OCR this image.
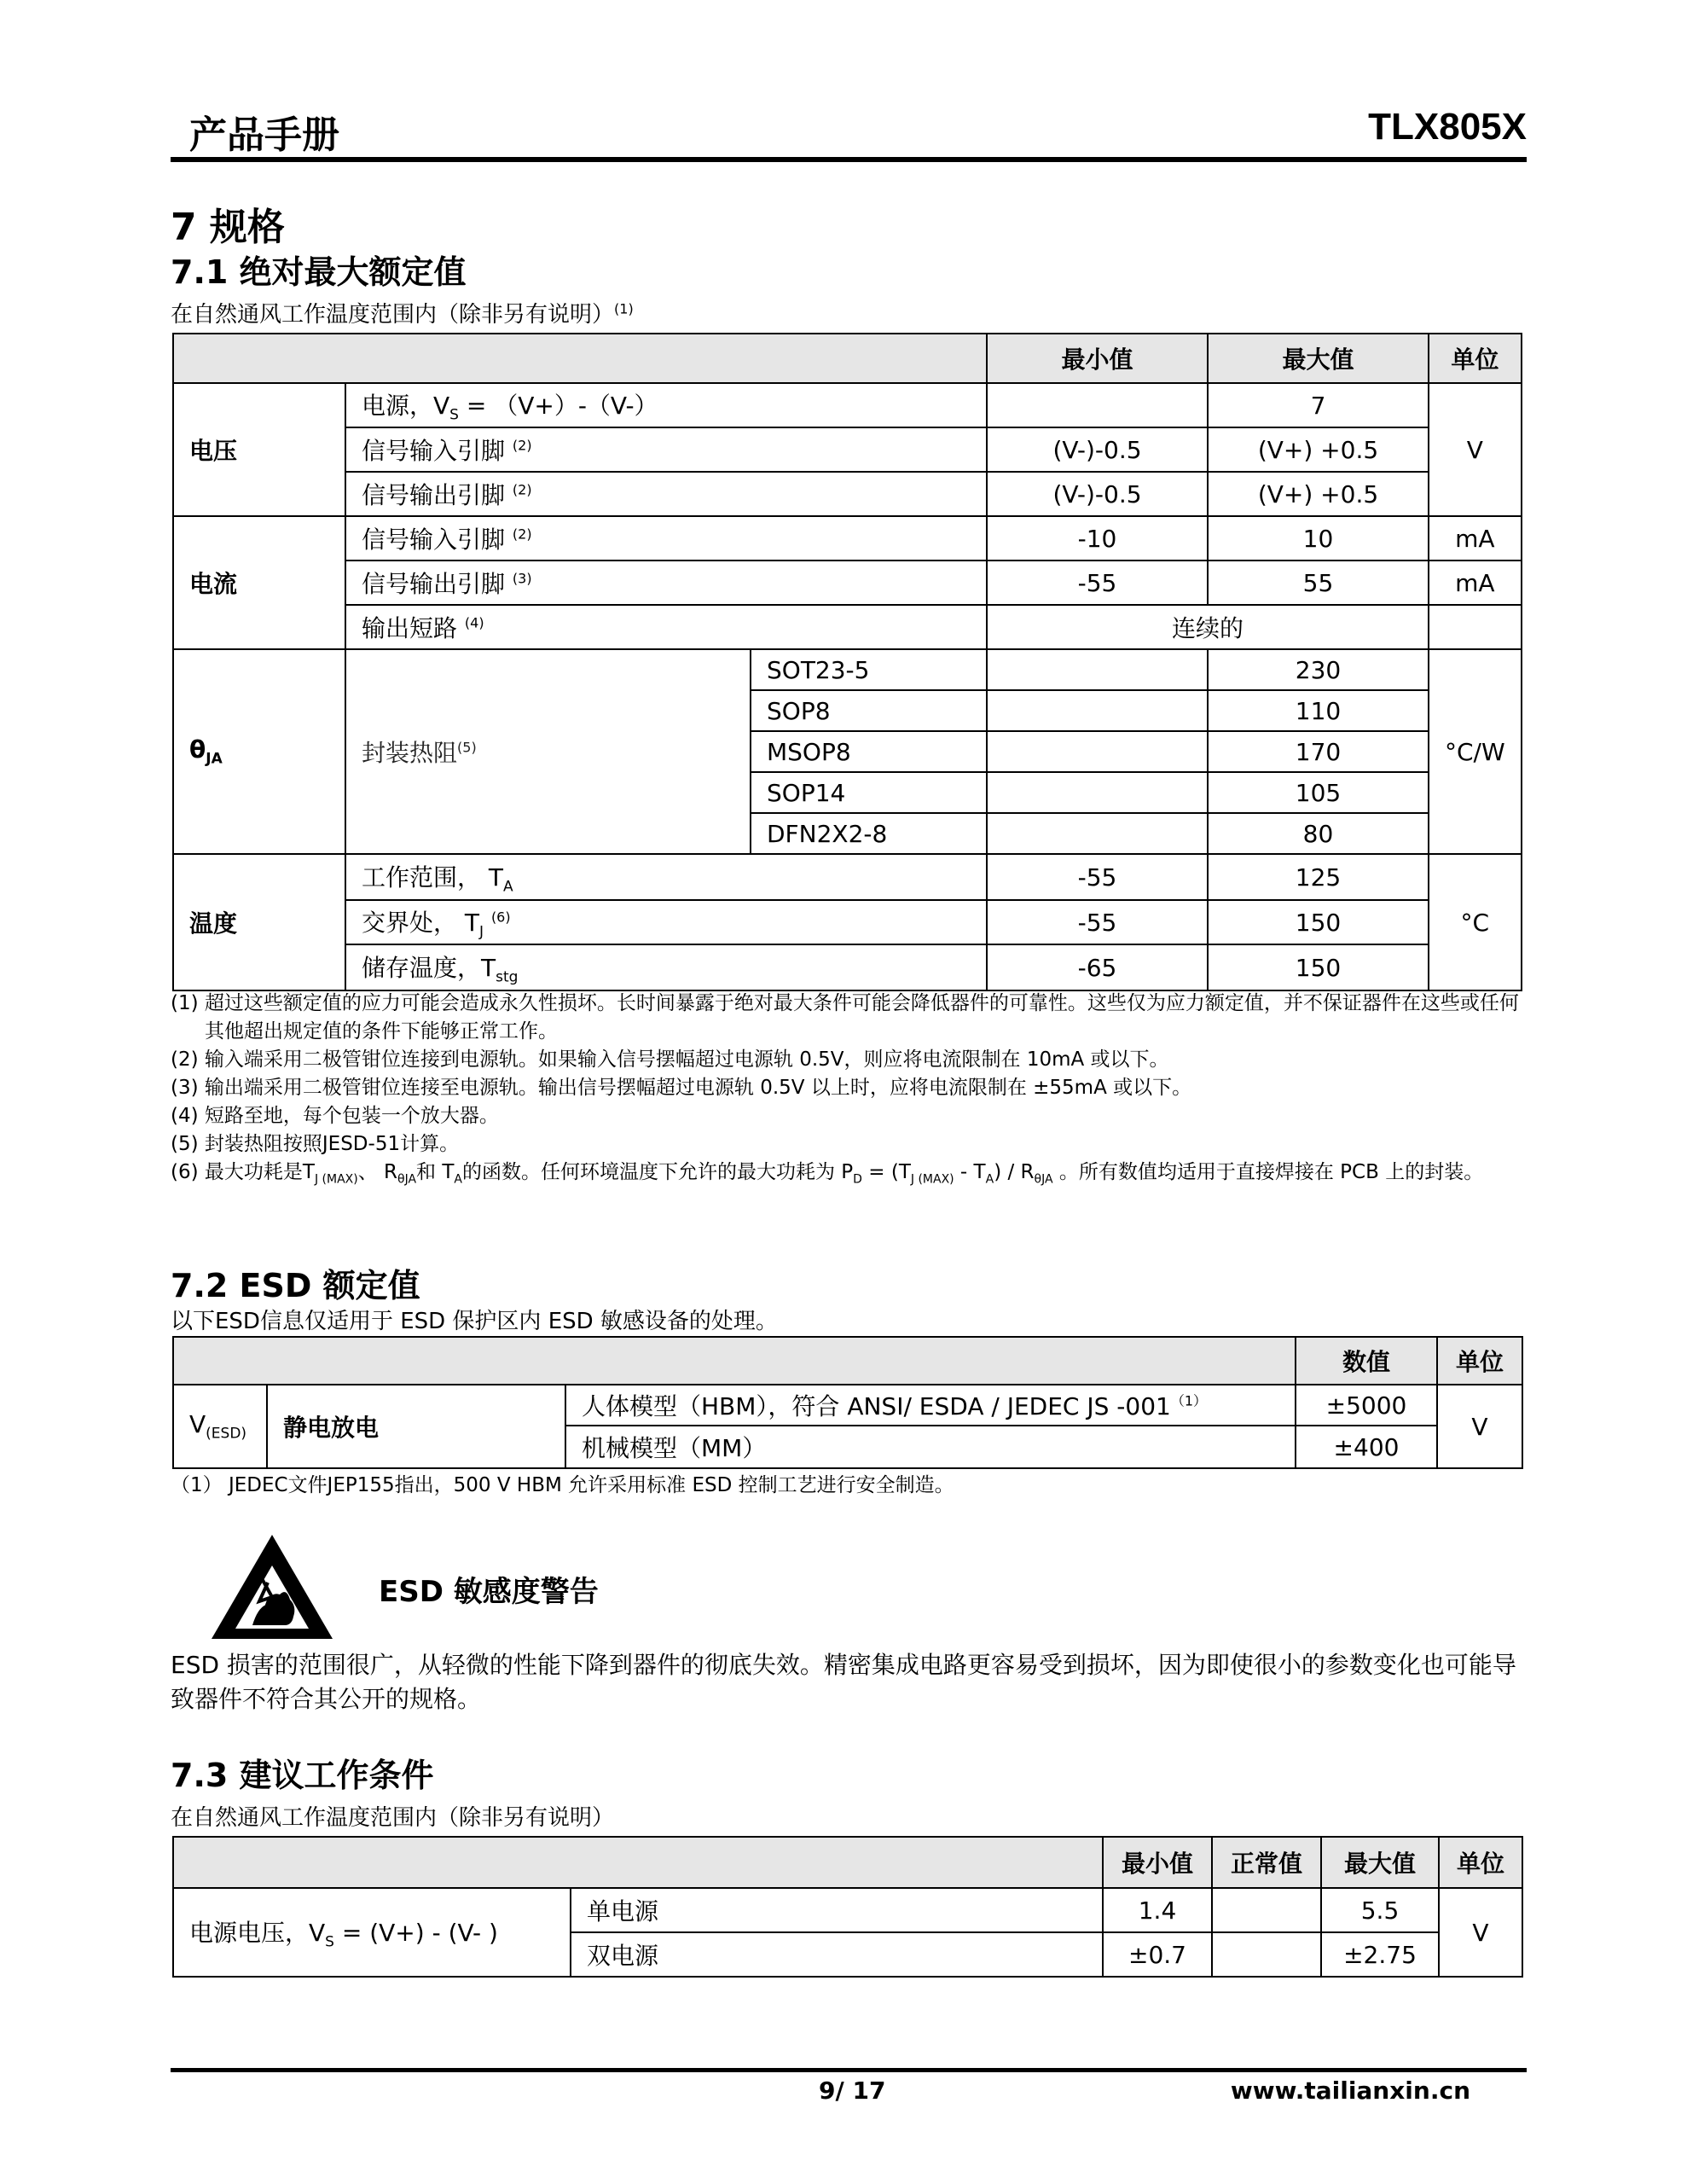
产品手册	TLX805X
7 规格
7.1 绝对最大额定值
在自然通风工作温度范围内（除非另有说明）$^{(1)}$
			最小值	最大值	单位
电压	电源，$V_S = (V+)-(V-)$			7	V
	信号输入引脚 $^{(2)}$		(V-)-0.5	(V+) +0.5	
	信号输出引脚 $^{(2)}$		(V-)-0.5	(V+) +0.5	
电流	信号输入引脚 $^{(2)}$		-10	10	mA
	信号输出引脚 $^{(3)}$		-55	55	mA
	输出短路 $^{(4)}$		连续的		
$\theta_{JA}$	封装热阻$^{(5)}$	SOT23-5		230	°C/W
		SOP8		110	
		MSOP8		170	
		SOP14		105	
		DFN2X2-8		80	
温度	工作范围， $T_A$		-55	125	°C
	交界处， $T_J$ $^{(6)}$		-55	150	
	储存温度，$T_{stg}$		-65	150	
(1) 超过这些额定值的应力可能会造成永久性损坏。长时间暴露于绝对最大条件可能会降低器件的可靠性。这些仅为应力额定值，并不保证器件在这些或任何其他超出规定值的条件下能够正常工作。
(2) 输入端采用二极管钳位连接到电源轨。如果输入信号摆幅超过电源轨 0.5V，则应将电流限制在 10mA 或以下。
(3) 输出端采用二极管钳位连接至电源轨。输出信号摆幅超过电源轨 0.5V 以上时，应将电流限制在 ±55mA 或以下。
(4) 短路至地，每个包装一个放大器。
(5) 封装热阻按照JESD-51计算。
(6) 最大功耗是$T_{J (MAX)}$、 $R_{\theta JA}$和 $T_A$的函数。任何环境温度下允许的最大功耗为 $P_D = (T_{J (MAX)} - T_A) / R_{\theta JA}$ 。所有数值均适用于直接焊接在 PCB 上的封装。
7.2 ESD 额定值
以下ESD信息仅适用于 ESD 保护区内 ESD 敏感设备的处理。
			数值	单位
$V_{(ESD)}$	静电放电	人体模型（HBM），符合 ANSI/ ESDA / JEDEC JS $-001^{(1)}$	±5000	V
		机械模型（MM）	±400	
（1） JEDEC文件JEP155指出，500 V HBM 允许采用标准 ESD 控制工艺进行安全制造。
ESD 敏感度警告
ESD 损害的范围很广，从轻微的性能下降到器件的彻底失效。精密集成电路更容易受到损坏，因为即使很小的参数变化也可能导致器件不符合其公开的规格。
7.3 建议工作条件
在自然通风工作温度范围内（除非另有说明）
		最小值	正常值	最大值	单位
电源电压，$V_S = (V+) - (V-$ )	单电源	1.4		5.5	V
	双电源	±0.7		±2.75	
9/ 17	www.tailianxin.cn
